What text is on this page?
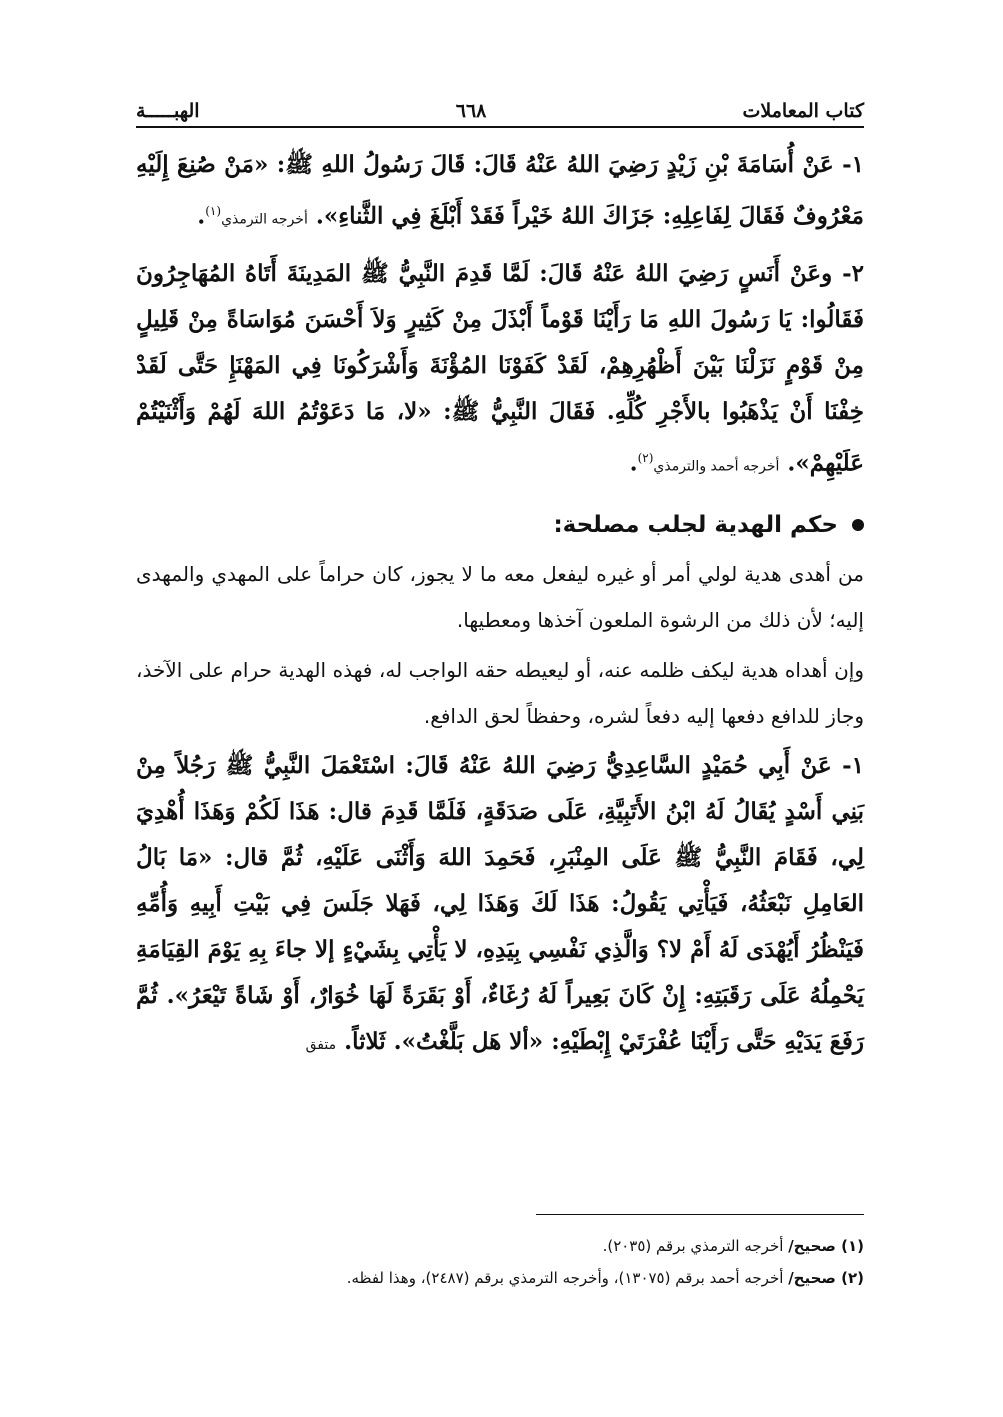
كتاب المعاملات
٦٦٨
الهبـــــة

١- عَنْ أُسَامَةَ بْنِ زَيْدٍ رَضِيَ اللهُ عَنْهُ قَالَ: قَالَ رَسُولُ اللهِ ﷺ: «مَنْ صُنِعَ إِلَيْهِ مَعْرُوفٌ فَقَالَ لِفَاعِلِهِ: جَزَاكَ اللهُ خَيْراً فَقَدْ أَبْلَغَ فِي الثَّناءِ». أخرجه الترمذي$^{(١)}$.

٢- وعَنْ أَنَسٍ رَضِيَ اللهُ عَنْهُ قَالَ: لَمَّا قَدِمَ النَّبِيُّ ﷺ المَدِينَةَ أَتَاهُ المُهَاجِرُونَ فَقَالُوا: يَا رَسُولَ اللهِ مَا رَأَيْنَا قَوْماً أَبْذَلَ مِنْ كَثِيرٍ وَلاَ أَحْسَنَ مُوَاسَاةً مِنْ قَلِيلٍ مِنْ قَوْمٍ نَزَلْنَا بَيْنَ أَظْهُرِهِمْ، لَقَدْ كَفَوْنَا المُؤْنَةَ وَأَشْرَكُونَا فِي المَهْنَإِ حَتَّى لَقَدْ خِفْنَا أَنْ يَذْهَبُوا بالأَجْرِ كُلِّهِ. فَقَالَ النَّبِيُّ ﷺ: «لا، مَا دَعَوْتُمُ اللهَ لَهُمْ وَأَثْنَيْتُمْ عَلَيْهِمْ». أخرجه أحمد والترمذي$^{(٢)}$.

حكم الهدية لجلب مصلحة:

من أهدى هدية لولي أمر أو غيره ليفعل معه ما لا يجوز، كان حراماً على المهدي والمهدى إليه؛ لأن ذلك من الرشوة الملعون آخذها ومعطيها.

وإن أهداه هدية ليكف ظلمه عنه، أو ليعيطه حقه الواجب له، فهذه الهدية حرام على الآخذ، وجاز للدافع دفعها إليه دفعاً لشره، وحفظاً لحق الدافع.

١- عَنْ أَبِي حُمَيْدٍ السَّاعِدِيُّ رَضِيَ اللهُ عَنْهُ قَالَ: اسْتَعْمَلَ النَّبِيُّ ﷺ رَجُلاً مِنْ بَنِي أَسْدٍ يُقَالُ لَهُ ابْنُ الأَتَبِيَّةِ، عَلَى صَدَقَةٍ، فَلَمَّا قَدِمَ قال: هَذَا لَكُمْ وَهَذَا أُهْدِيَ لِي، فَقَامَ النَّبِيُّ ﷺ عَلَى المِنْبَرِ، فَحَمِدَ اللهَ وَأَثْنَى عَلَيْهِ، ثُمَّ قال: «مَا بَالُ العَامِلِ نَبْعَثُهُ، فَيَأْتِي يَقُولُ: هَذَا لَكَ وَهَذَا لِي، فَهَلا جَلَسَ فِي بَيْتِ أَبِيهِ وَأُمِّهِ فَيَنْظُرُ أَيُهْدَى لَهُ أَمْ لا؟ وَالَّذِي نَفْسِي بِيَدِهِ، لا يَأْتِي بِشَيْءٍ إلا جاءَ بِهِ يَوْمَ القِيَامَةِ يَحْمِلُهُ عَلَى رَقَبَتِهِ: إِنْ كَانَ بَعِيراً لَهُ رُغَاءٌ، أَوْ بَقَرَةً لَهَا خُوَارٌ، أَوْ شَاةً تَيْعَرُ». ثُمَّ رَفَعَ يَدَيْهِ حَتَّى رَأَيْنَا عُفْرَتَيْ إِبْطَيْهِ: «ألا هَل بَلَّغْتُ». ثَلاثاً. متفق

(١) صحيح/ أخرجه الترمذي برقم (٢٠٣٥).

(٢) صحيح/ أخرجه أحمد برقم (١٣٠٧٥)، وأخرجه الترمذي برقم (٢٤٨٧)، وهذا لفظه.
